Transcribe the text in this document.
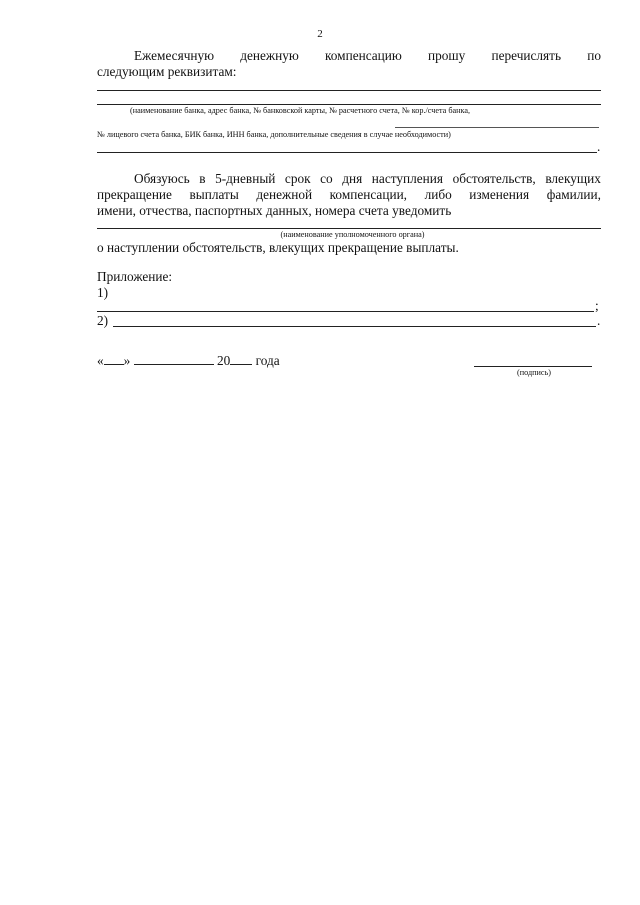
2
Ежемесячную денежную компенсацию прошу перечислять по
следующим реквизитам:
(наименование банка, адрес банка, № банковской карты, № расчетного счета, № кор./счета банка,
№ лицевого счета банка, БИК банка, ИНН банка, дополнительные сведения в случае необходимости)
.
Обязуюсь в 5-дневный срок со дня наступления обстоятельств, влекущих
прекращение выплаты денежной компенсации, либо изменения фамилии,
имени, отчества, паспортных данных, номера счета уведомить
(наименование уполномоченного органа)
о наступлении обстоятельств, влекущих прекращение выплаты.
Приложение:
1)
;
2)	.
« »	20 года
(подпись)
